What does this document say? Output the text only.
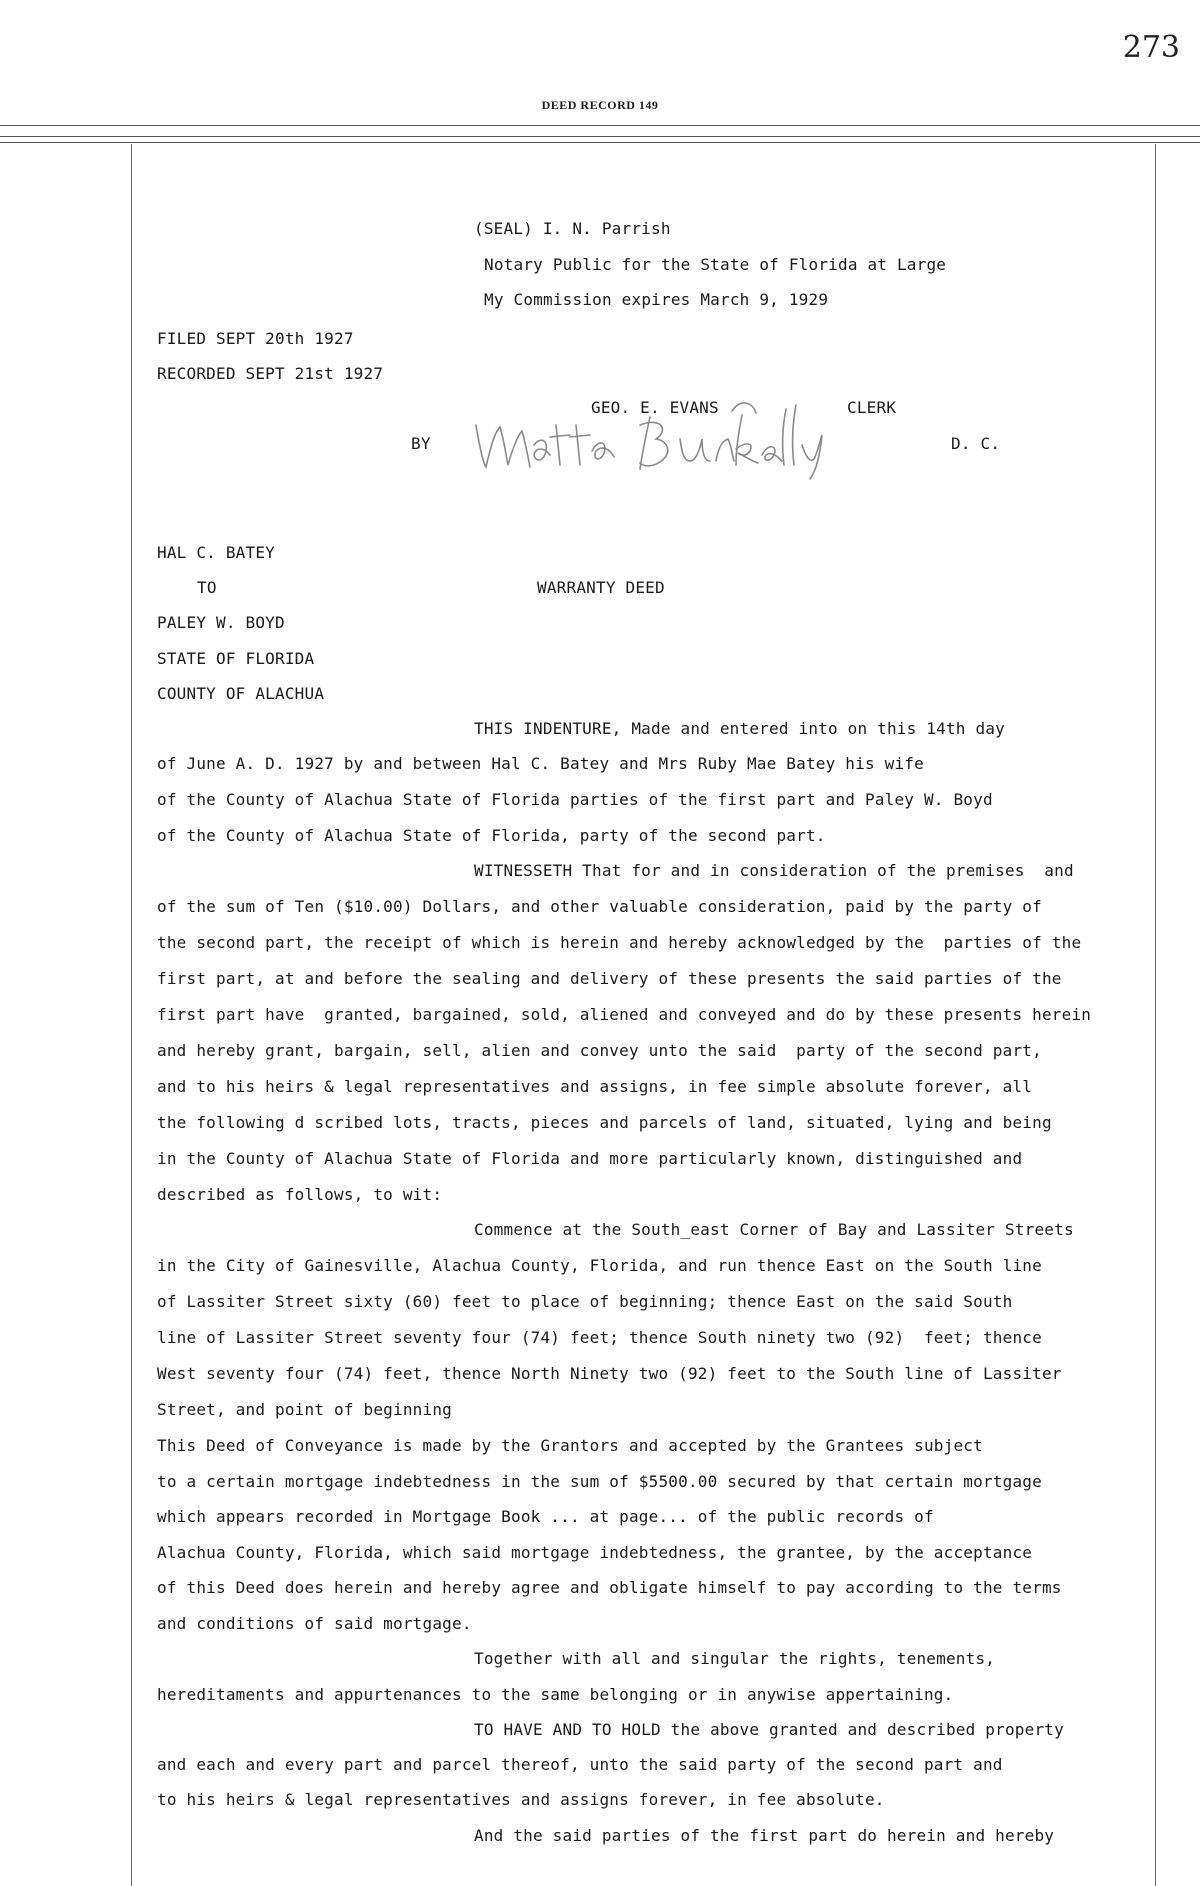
273
DEED RECORD 149
(SEAL) I. N. Parrish
Notary Public for the State of Florida at Large
My Commission expires March 9, 1929
FILED SEPT 20th 1927
RECORDED SEPT 21st 1927
GEO. E. EVANS	CLERK
BY	D. C.
HAL C. BATEY
TO	WARRANTY DEED
PALEY W. BOYD
STATE OF FLORIDA
COUNTY OF ALACHUA
THIS INDENTURE, Made and entered into on this 14th day
of June A. D. 1927 by and between Hal C. Batey and Mrs Ruby Mae Batey his wife
of the County of Alachua State of Florida parties of the first part and Paley W. Boyd
of the County of Alachua State of Florida, party of the second part.
WITNESSETH That for and in consideration of the premises  and
of the sum of Ten ($10.00) Dollars, and other valuable consideration, paid by the party of
the second part, the receipt of which is herein and hereby acknowledged by the  parties of the
first part, at and before the sealing and delivery of these presents the said parties of the
first part have  granted, bargained, sold, aliened and conveyed and do by these presents herein
and hereby grant, bargain, sell, alien and convey unto the said  party of the second part,
and to his heirs & legal representatives and assigns, in fee simple absolute forever, all
the following d scribed lots, tracts, pieces and parcels of land, situated, lying and being
in the County of Alachua State of Florida and more particularly known, distinguished and
described as follows, to wit:
Commence at the South_east Corner of Bay and Lassiter Streets
in the City of Gainesville, Alachua County, Florida, and run thence East on the South line
of Lassiter Street sixty (60) feet to place of beginning; thence East on the said South
line of Lassiter Street seventy four (74) feet; thence South ninety two (92)  feet; thence
West seventy four (74) feet, thence North Ninety two (92) feet to the South line of Lassiter
Street, and point of beginning
This Deed of Conveyance is made by the Grantors and accepted by the Grantees subject
to a certain mortgage indebtedness in the sum of $5500.00 secured by that certain mortgage
which appears recorded in Mortgage Book ... at page... of the public records of
Alachua County, Florida, which said mortgage indebtedness, the grantee, by the acceptance
of this Deed does herein and hereby agree and obligate himself to pay according to the terms
and conditions of said mortgage.
Together with all and singular the rights, tenements,
hereditaments and appurtenances to the same belonging or in anywise appertaining.
TO HAVE AND TO HOLD the above granted and described property
and each and every part and parcel thereof, unto the said party of the second part and
to his heirs & legal representatives and assigns forever, in fee absolute.
And the said parties of the first part do herein and hereby
